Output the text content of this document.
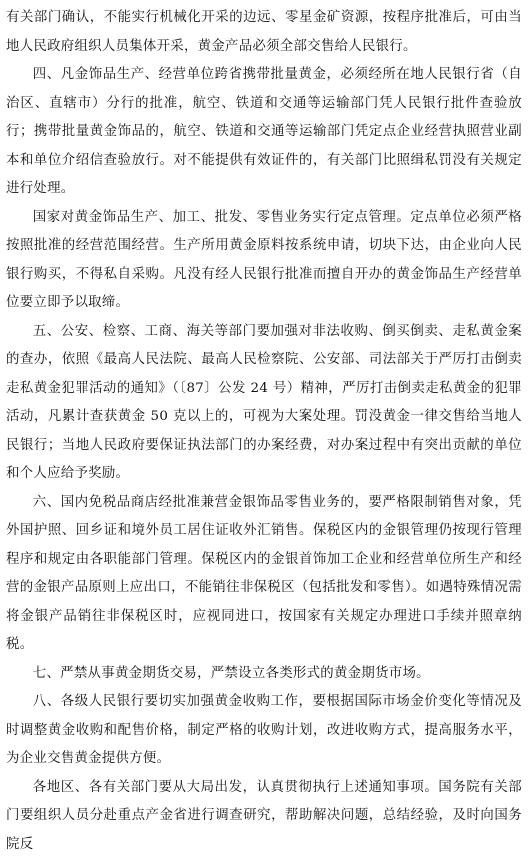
有关部门确认，不能实行机械化开采的边远、零星金矿资源，按程序批准后，可由当地人民政府组织人员集体开采，黄金产品必须全部交售给人民银行。

四、凡金饰品生产、经营单位跨省携带批量黄金，必须经所在地人民银行省（自治区、直辖市）分行的批准，航空、铁道和交通等运输部门凭人民银行批件查验放行；携带批量黄金饰品的，航空、铁道和交通等运输部门凭定点企业经营执照营业副本和单位介绍信查验放行。对不能提供有效证件的，有关部门比照缉私罚没有关规定进行处理。

国家对黄金饰品生产、加工、批发、零售业务实行定点管理。定点单位必须严格按照批准的经营范围经营。生产所用黄金原料按系统申请，切块下达，由企业向人民银行购买，不得私自采购。凡没有经人民银行批准而擅自开办的黄金饰品生产经营单位要立即予以取缔。

五、公安、检察、工商、海关等部门要加强对非法收购、倒买倒卖、走私黄金案的查办，依照《最高人民法院、最高人民检察院、公安部、司法部关于严厉打击倒卖走私黄金犯罪活动的通知》（〔87〕公发 24 号）精神，严厉打击倒卖走私黄金的犯罪活动，凡累计查获黄金 50 克以上的，可视为大案处理。罚没黄金一律交售给当地人民银行；当地人民政府要保证执法部门的办案经费，对办案过程中有突出贡献的单位和个人应给予奖励。

六、国内免税品商店经批准兼营金银饰品零售业务的，要严格限制销售对象，凭外国护照、回乡证和境外员工居住证收外汇销售。保税区内的金银管理仍按现行管理程序和规定由各职能部门管理。保税区内的金银首饰加工企业和经营单位所生产和经营的金银产品原则上应出口，不能销往非保税区（包括批发和零售）。如遇特殊情况需将金银产品销往非保税区时，应视同进口，按国家有关规定办理进口手续并照章纳税。

七、严禁从事黄金期货交易，严禁设立各类形式的黄金期货市场。

八、各级人民银行要切实加强黄金收购工作，要根据国际市场金价变化等情况及时调整黄金收购和配售价格，制定严格的收购计划，改进收购方式，提高服务水平，为企业交售黄金提供方便。

各地区、各有关部门要从大局出发，认真贯彻执行上述通知事项。国务院有关部门要组织人员分赴重点产金省进行调查研究，帮助解决问题，总结经验，及时向国务院反
